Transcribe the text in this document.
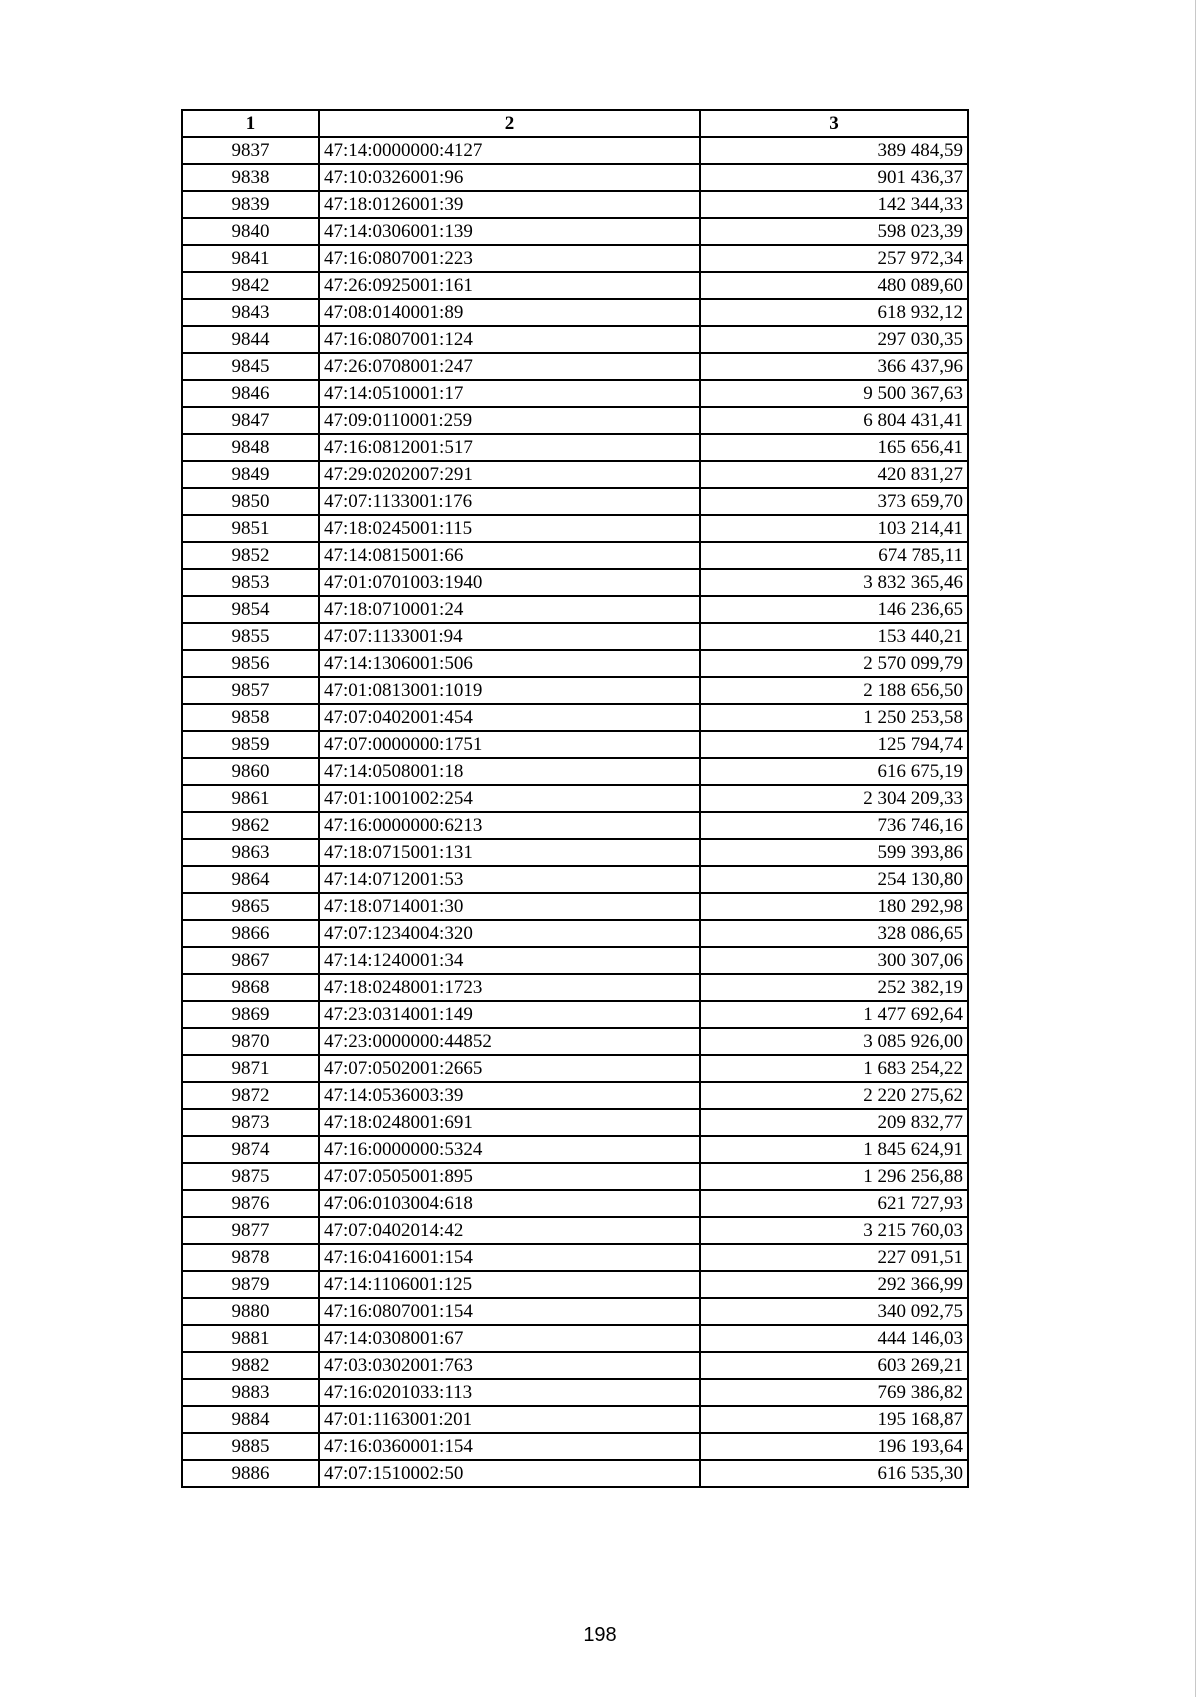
1	2	3
9837	47:14:0000000:4127	389 484,59
9838	47:10:0326001:96	901 436,37
9839	47:18:0126001:39	142 344,33
9840	47:14:0306001:139	598 023,39
9841	47:16:0807001:223	257 972,34
9842	47:26:0925001:161	480 089,60
9843	47:08:0140001:89	618 932,12
9844	47:16:0807001:124	297 030,35
9845	47:26:0708001:247	366 437,96
9846	47:14:0510001:17	9 500 367,63
9847	47:09:0110001:259	6 804 431,41
9848	47:16:0812001:517	165 656,41
9849	47:29:0202007:291	420 831,27
9850	47:07:1133001:176	373 659,70
9851	47:18:0245001:115	103 214,41
9852	47:14:0815001:66	674 785,11
9853	47:01:0701003:1940	3 832 365,46
9854	47:18:0710001:24	146 236,65
9855	47:07:1133001:94	153 440,21
9856	47:14:1306001:506	2 570 099,79
9857	47:01:0813001:1019	2 188 656,50
9858	47:07:0402001:454	1 250 253,58
9859	47:07:0000000:1751	125 794,74
9860	47:14:0508001:18	616 675,19
9861	47:01:1001002:254	2 304 209,33
9862	47:16:0000000:6213	736 746,16
9863	47:18:0715001:131	599 393,86
9864	47:14:0712001:53	254 130,80
9865	47:18:0714001:30	180 292,98
9866	47:07:1234004:320	328 086,65
9867	47:14:1240001:34	300 307,06
9868	47:18:0248001:1723	252 382,19
9869	47:23:0314001:149	1 477 692,64
9870	47:23:0000000:44852	3 085 926,00
9871	47:07:0502001:2665	1 683 254,22
9872	47:14:0536003:39	2 220 275,62
9873	47:18:0248001:691	209 832,77
9874	47:16:0000000:5324	1 845 624,91
9875	47:07:0505001:895	1 296 256,88
9876	47:06:0103004:618	621 727,93
9877	47:07:0402014:42	3 215 760,03
9878	47:16:0416001:154	227 091,51
9879	47:14:1106001:125	292 366,99
9880	47:16:0807001:154	340 092,75
9881	47:14:0308001:67	444 146,03
9882	47:03:0302001:763	603 269,21
9883	47:16:0201033:113	769 386,82
9884	47:01:1163001:201	195 168,87
9885	47:16:0360001:154	196 193,64
9886	47:07:1510002:50	616 535,30
198
